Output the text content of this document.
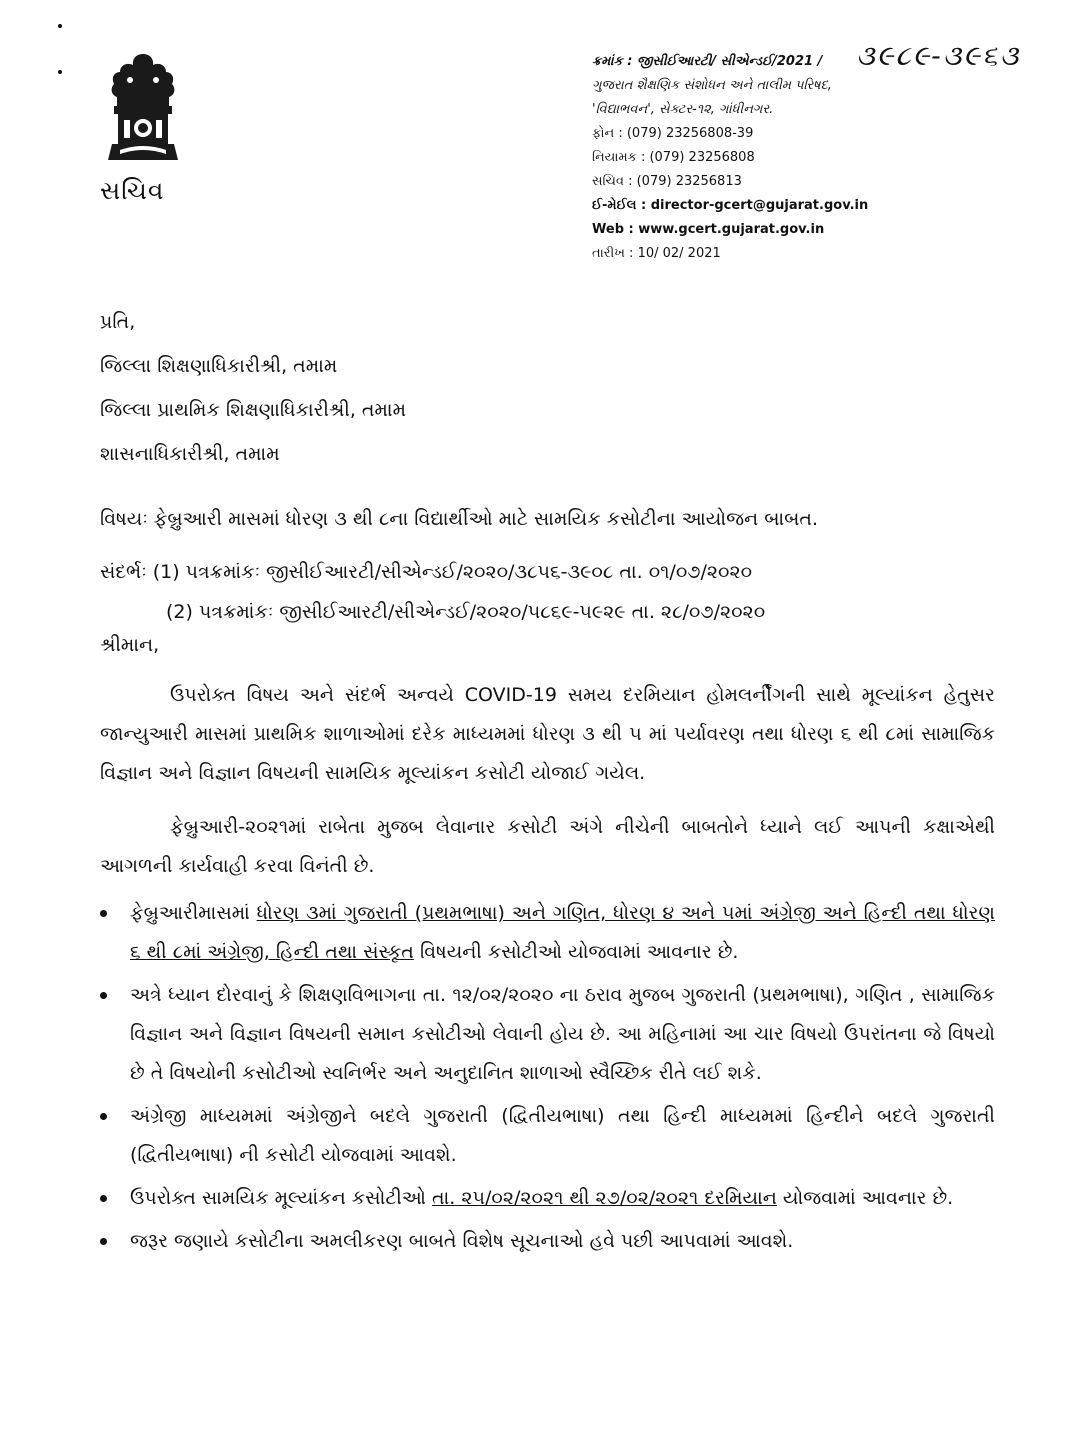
સચિવ
ક્રમાંક : જીસીઈઆરટી/ સીએન્ડઈ/2021 /	૩૯૮૯-૩૯૬૩
ગુજરાત શૈક્ષણિક સંશોધન અને તાલીમ પરિષદ,
'વિદ્યાભવન', સેક્ટર-૧૨, ગાંધીનગર.
ફોન : (079) 23256808-39
નિયામક : (079) 23256808
સચિવ : (079) 23256813
ઈ-મેઈલ : director-gcert@gujarat.gov.in
Web : www.gcert.gujarat.gov.in
તારીખ : 10/ 02/ 2021
પ્રતિ,
જિલ્લા શિક્ષણાધિકારીશ્રી, તમામ
જિલ્લા પ્રાથમિક શિક્ષણાધિકારીશ્રી, તમામ
શાસનાધિકારીશ્રી, તમામ
વિષયઃ ફેબ્રુઆરી માસમાં ધોરણ ૩ થી ૮ના વિદ્યાર્થીઓ માટે સામયિક કસોટીના આયોજન બાબત.
સંદર્ભઃ (1) પત્રક્રમાંકઃ જીસીઈઆરટી/સીએન્ડઈ/૨૦૨૦/૩૮૫૬-૩૯૦૮ તા. ૦૧/૦૭/૨૦૨૦
(2) પત્રક્રમાંકઃ જીસીઈઆરટી/સીએન્ડઈ/૨૦૨૦/૫૮૬૯-૫૯૨૯ તા. ૨૮/૦૭/૨૦૨૦
શ્રીમાન,
ઉપરોક્ત વિષય અને સંદર્ભ અન્વયે COVID-19 સમય દરમિયાન હોમલર્નીંગની સાથે મૂલ્યાંકન હેતુસર જાન્યુઆરી માસમાં પ્રાથમિક શાળાઓમાં દરેક માધ્યમમાં ધોરણ ૩ થી ૫ માં પર્યાવરણ તથા ધોરણ ૬ થી ૮માં સામાજિક વિજ્ઞાન અને વિજ્ઞાન વિષયની સામયિક મૂલ્યાંકન કસોટી યોજાઈ ગયેલ.
ફેબ્રુઆરી-૨૦૨૧માં રાબેતા મુજબ લેવાનાર કસોટી અંગે નીચેની બાબતોને ધ્યાને લઈ આપની કક્ષાએથી આગળની કાર્યવાહી કરવા વિનંતી છે.
ફેબ્રુઆરીમાસમાં ધોરણ ૩માં ગુજરાતી (પ્રથમભાષા) અને ગણિત, ધોરણ ૪ અને ૫માં અંગ્રેજી અને હિન્દી તથા ધોરણ ૬ થી ૮માં અંગ્રેજી, હિન્દી તથા સંસ્કૃત વિષયની કસોટીઓ યોજવામાં આવનાર છે.
અત્રે ધ્યાન દોરવાનું કે શિક્ષણવિભાગના તા. ૧૨/૦૨/૨૦૨૦ ના ઠરાવ મુજબ ગુજરાતી (પ્રથમભાષા), ગણિત , સામાજિક વિજ્ઞાન અને વિજ્ઞાન વિષયની સમાન કસોટીઓ લેવાની હોય છે. આ મહિનામાં આ ચાર વિષયો ઉપરાંતના જે વિષયો છે તે વિષયોની કસોટીઓ સ્વનિર્ભર અને અનુદાનિત શાળાઓ સ્વૈચ્છિક રીતે લઈ શકે.
અંગ્રેજી માધ્યમમાં અંગ્રેજીને બદલે ગુજરાતી (દ્વિતીયભાષા) તથા હિન્દી માધ્યમમાં હિન્દીને બદલે ગુજરાતી (દ્વિતીયભાષા) ની કસોટી યોજવામાં આવશે.
ઉપરોક્ત સામયિક મૂલ્યાંકન કસોટીઓ તા. ૨૫/૦૨/૨૦૨૧ થી ૨૭/૦૨/૨૦૨૧ દરમિયાન યોજવામાં આવનાર છે.
જરૂર જણાયે કસોટીના અમલીકરણ બાબતે વિશેષ સૂચનાઓ હવે પછી આપવામાં આવશે.
